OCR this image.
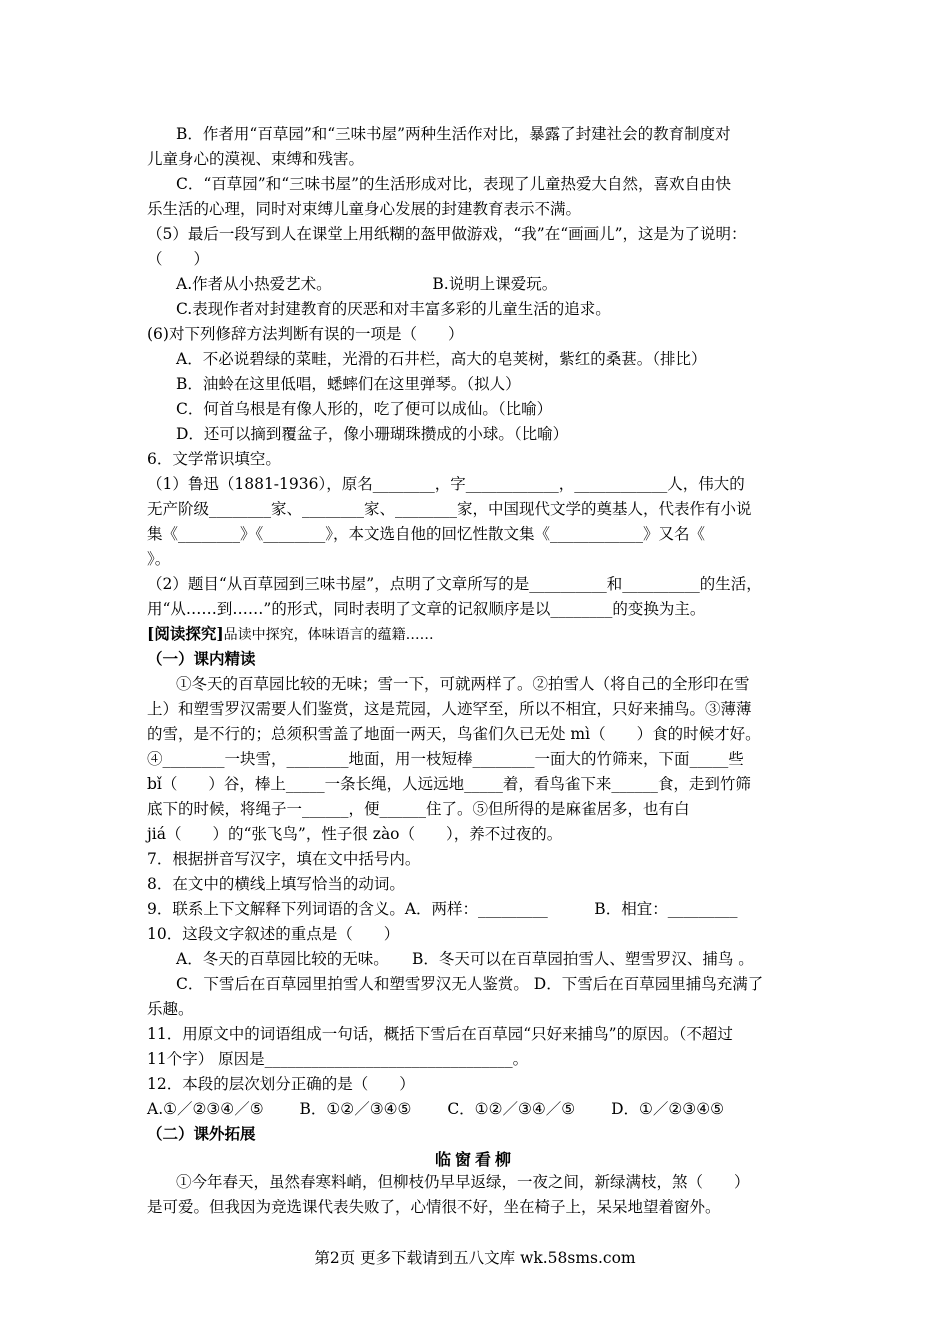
B．作者用“百草园”和“三味书屋”两种生活作对比，暴露了封建社会的教育制度对
儿童身心的漠视、束缚和残害。
C．“百草园”和“三味书屋”的生活形成对比，表现了儿童热爱大自然，喜欢自由快
乐生活的心理，同时对束缚儿童身心发展的封建教育表示不满。
（5）最后一段写到人在课堂上用纸糊的盔甲做游戏，“我”在“画画儿”，这是为了说明：
（　　）
A.作者从小热爱艺术。　　　　　　　B.说明上课爱玩。
C.表现作者对封建教育的厌恶和对丰富多彩的儿童生活的追求。
(6)对下列修辞方法判断有误的一项是（　　）
A．不必说碧绿的菜畦，光滑的石井栏，高大的皂荚树，紫红的桑葚。（排比）
B．油蛉在这里低唱，蟋蟀们在这里弹琴。（拟人）
C．何首乌根是有像人形的，吃了便可以成仙。（比喻）
D．还可以摘到覆盆子，像小珊瑚珠攒成的小球。（比喻）
6．文学常识填空。
（1）鲁迅（1881-1936），原名________，字____________，____________人，伟大的
无产阶级________家、________家、________家，中国现代文学的奠基人，代表作有小说
集《________》《________》，本文选自他的回忆性散文集《____________》又名《
》。
（2）题目“从百草园到三味书屋”，点明了文章所写的是__________和__________的生活，
用“从……到……”的形式，同时表明了文章的记叙顺序是以________的变换为主。
[阅读探究]品读中探究，体味语言的蕴籍……
（一）课内精读
①冬天的百草园比较的无味；雪一下，可就两样了。②拍雪人（将自己的全形印在雪
上）和塑雪罗汉需要人们鉴赏，这是荒园，人迹罕至，所以不相宜，只好来捕鸟。③薄薄
的雪，是不行的；总须积雪盖了地面一两天，鸟雀们久已无处 mì（　　）食的时候才好。
④________一块雪，________地面，用一枝短棒________一面大的竹筛来，下面_____些
bǐ（　　）谷，棒上_____一条长绳，人远远地_____着，看鸟雀下来______食，走到竹筛
底下的时候，将绳子一______，便______住了。⑤但所得的是麻雀居多，也有白
jiá（　　）的“张飞鸟”，性子很 zào（　　），养不过夜的。
7．根据拼音写汉字，填在文中括号内。
8．在文中的横线上填写恰当的动词。
9．联系上下文解释下列词语的含义。A．两样：_________　　　B．相宜：_________
10．这段文字叙述的重点是（　　）
A．冬天的百草园比较的无味。　　B．冬天可以在百草园拍雪人、塑雪罗汉、捕鸟 。
C．下雪后在百草园里拍雪人和塑雪罗汉无人鉴赏。 D．下雪后在百草园里捕鸟充满了
乐趣。
11．用原文中的词语组成一句话，概括下雪后在百草园“只好来捕鸟”的原因。（不超过
11个字） 原因是________________________________。
12．本段的层次划分正确的是（　　）
A.①／②③④／⑤　　 B．①②／③④⑤　　 C．①②／③④／⑤　　 D．①／②③④⑤
（二）课外拓展
临窗看柳
①今年春天，虽然春寒料峭，但柳枝仍早早返绿，一夜之间，新绿满枝，煞（　　）
是可爱。但我因为竞选课代表失败了，心情很不好，坐在椅子上，呆呆地望着窗外。
第2页 更多下载请到五八文库 wk.58sms.com
